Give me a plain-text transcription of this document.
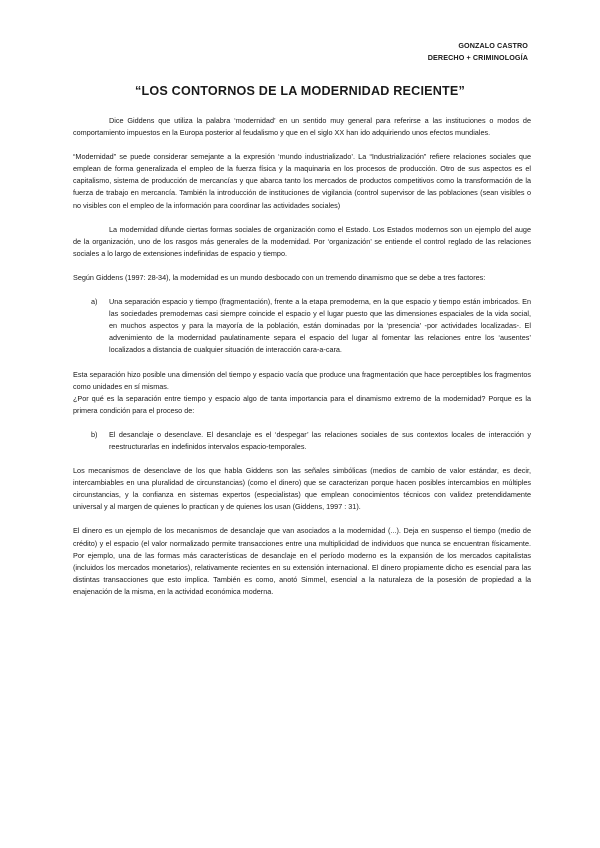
GONZALO CASTRO
DERECHO + CRIMINOLOGÍA
“LOS CONTORNOS DE LA MODERNIDAD RECIENTE”

Dice Giddens que utiliza la palabra ‘modernidad’ en un sentido muy general para referirse a las instituciones o modos de comportamiento impuestos en la Europa posterior al feudalismo y que en el siglo XX han ido adquiriendo unos efectos mundiales.

“Modernidad” se puede considerar semejante a la expresión ‘mundo industrializado’. La “Industrialización” refiere relaciones sociales que emplean de forma generalizada el empleo de la fuerza física y la maquinaria en los procesos de producción. Otro de sus aspectos es el capitalismo, sistema de producción de mercancías y que abarca tanto los mercados de productos competitivos como la transformación de la fuerza de trabajo en mercancía. También la introducción de instituciones de vigilancia (control supervisor de las poblaciones (sean visibles o no visibles con el empleo de la información para coordinar las actividades sociales)

La modernidad difunde ciertas formas sociales de organización como el Estado. Los Estados modernos son un ejemplo del auge de la organización, uno de los rasgos más generales de la modernidad. Por ‘organización’ se entiende el control reglado de las relaciones sociales a lo largo de extensiones indefinidas de espacio y tiempo.

Según Giddens (1997: 28-34), la modernidad es un mundo desbocado con un tremendo dinamismo que se debe a tres factores:

a) Una separación espacio y tiempo (fragmentación), frente a la etapa premoderna, en la que espacio y tiempo están imbricados. En las sociedades premodernas casi siempre coincide el espacio y el lugar puesto que las dimensiones espaciales de la vida social, en muchos aspectos y para la mayoría de la población, están dominadas por la ‘presencia’ -por actividades localizadas-. El advenimiento de la modernidad paulatinamente separa el espacio del lugar al fomentar las relaciones entre los ‘ausentes’ localizados a distancia de cualquier situación de interacción cara-a-cara.

Esta separación hizo posible una dimensión del tiempo y espacio vacía que produce una fragmentación que hace perceptibles los fragmentos como unidades en sí mismas.

¿Por qué es la separación entre tiempo y espacio algo de tanta importancia para el dinamismo extremo de la modernidad? Porque es la primera condición para el proceso de:

b) El desanclaje o desenclave. El desanclaje es el ‘despegar’ las relaciones sociales de sus contextos locales de interacción y reestructurarlas en indefinidos intervalos espacio-temporales.

Los mecanismos de desenclave de los que habla Giddens son las señales simbólicas (medios de cambio de valor estándar, es decir, intercambiables en una pluralidad de circunstancias) (como el dinero) que se caracterizan porque hacen posibles intercambios en múltiples circunstancias, y la confianza en sistemas expertos (especialistas) que emplean conocimientos técnicos con validez pretendidamente universal y al margen de quienes lo practican y de quienes los usan (Giddens, 1997 : 31).

El dinero es un ejemplo de los mecanismos de desanclaje que van asociados a la modernidad (...). Deja en suspenso el tiempo (medio de crédito) y el espacio (el valor normalizado permite transacciones entre una multiplicidad de individuos que nunca se encuentran físicamente. Por ejemplo, una de las formas más características de desanclaje en el período moderno es la expansión de los mercados capitalistas (incluidos los mercados monetarios), relativamente recientes en su extensión internacional. El dinero propiamente dicho es esencial para las distintas transacciones que esto implica. También es como, anotó Simmel, esencial a la naturaleza de la posesión de propiedad a la enajenación de la misma, en la actividad económica moderna.
